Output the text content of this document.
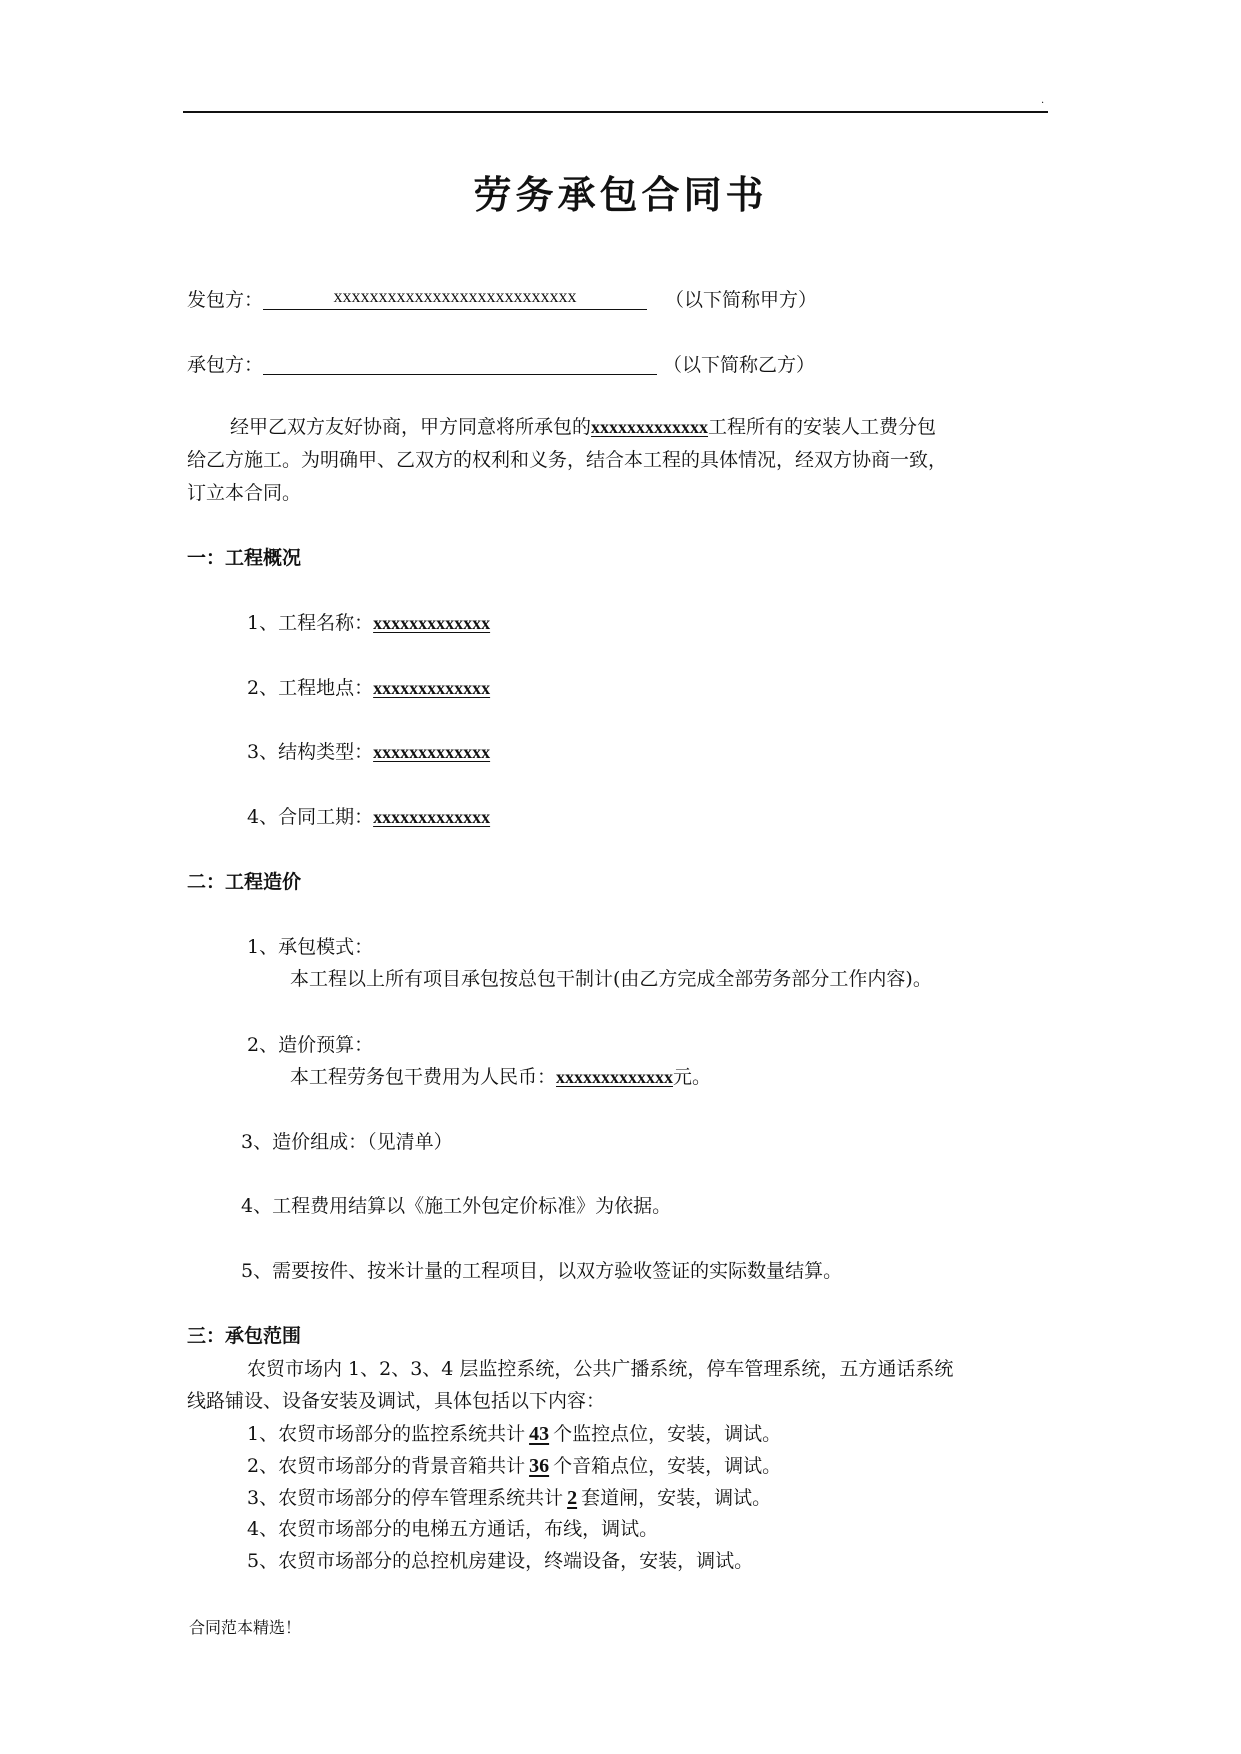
.
劳务承包合同书
发包方：	xxxxxxxxxxxxxxxxxxxxxxxxxxx	（以下简称甲方）
承包方：	（以下简称乙方）
经甲乙双方友好协商，甲方同意将所承包的xxxxxxxxxxxxx工程所有的安装人工费分包
给乙方施工。为明确甲、乙双方的权利和义务，结合本工程的具体情况，经双方协商一致，
订立本合同。
一：工程概况
1、工程名称：xxxxxxxxxxxxx
2、工程地点：xxxxxxxxxxxxx
3、结构类型：xxxxxxxxxxxxx
4、合同工期：xxxxxxxxxxxxx
二：工程造价
1、承包模式：
本工程以上所有项目承包按总包干制计(由乙方完成全部劳务部分工作内容)。
2、造价预算：
本工程劳务包干费用为人民币：xxxxxxxxxxxxx元。
3、造价组成：（见清单）
4、工程费用结算以《施工外包定价标准》为依据。
5、需要按件、按米计量的工程项目，以双方验收签证的实际数量结算。
三：承包范围
农贸市场内 1、2、3、4 层监控系统，公共广播系统，停车管理系统，五方通话系统
线路铺设、设备安装及调试，具体包括以下内容：
1、农贸市场部分的监控系统共计 43 个监控点位，安装，调试。
2、农贸市场部分的背景音箱共计 36 个音箱点位，安装，调试。
3、农贸市场部分的停车管理系统共计 2 套道闸，安装，调试。
4、农贸市场部分的电梯五方通话，布线，调试。
5、农贸市场部分的总控机房建设，终端设备，安装，调试。
合同范本精选！
